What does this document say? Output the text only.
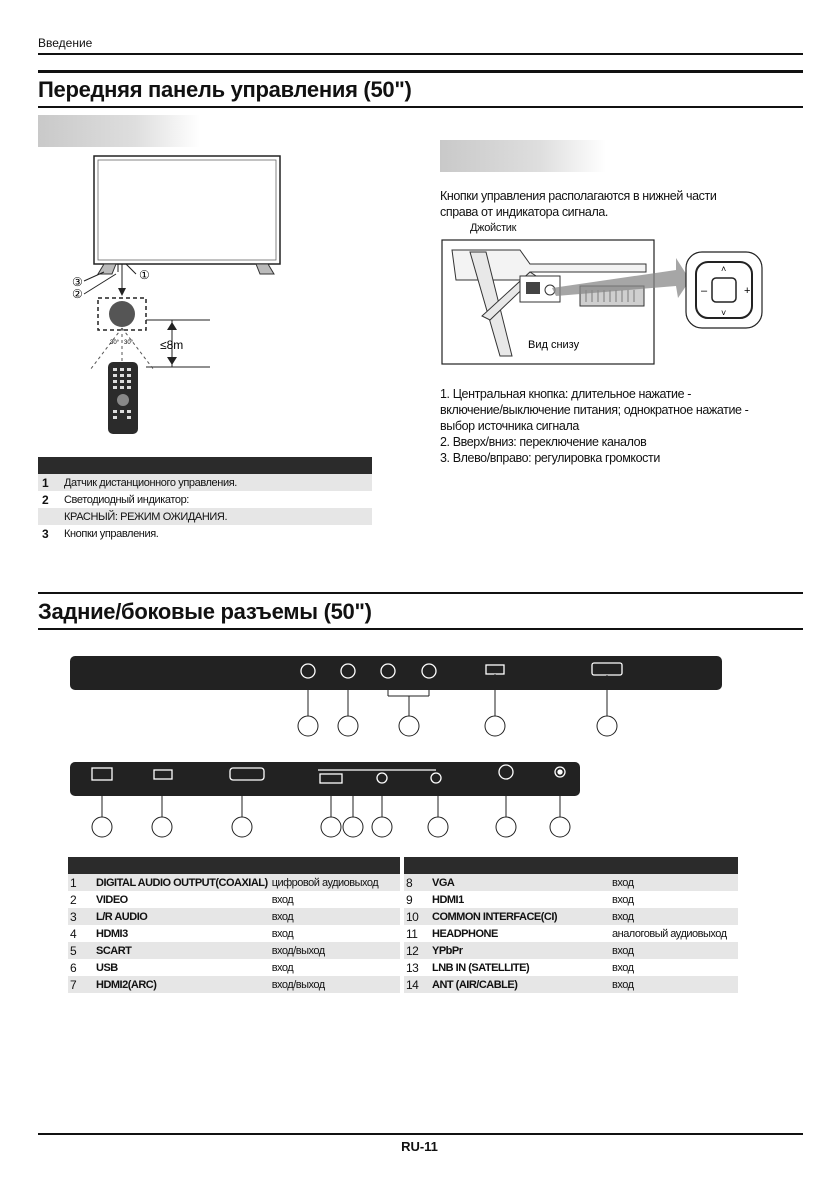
Введение
Передняя панель управления (50")
①
③
②
≤8m
30° 30°
1	Датчик дистанционного управления.
2	Светодиодный индикатор:
	КРАСНЫЙ: РЕЖИМ ОЖИДАНИЯ.
3	Кнопки управления.
Кнопки управления располагаются в нижней части
справа от индикатора сигнала.
Джойстик
˄
˅
–	+
Вид снизу
1. Центральная кнопка: длительное нажатие -
включение/выключение питания; однократное нажатие -
выбор источника сигнала
2. Вверх/вниз: переключение каналов
3. Влево/вправо: регулировка громкости
Задние/боковые разъемы (50")
1	DIGITAL AUDIO OUTPUT(COAXIAL)	цифровой аудиовыход
2	VIDEO	вход
3	L/R AUDIO	вход
4	HDMI3	вход
5	SCART	вход/выход
6	USB	вход
7	HDMI2(ARC)	вход/выход
8	VGA	вход
9	HDMI1	вход
10	COMMON INTERFACE(CI)	вход
11	HEADPHONE	аналоговый аудиовыход
12	YPbPr	вход
13	LNB IN (SATELLITE)	вход
14	ANT (AIR/CABLE)	вход
RU-11
